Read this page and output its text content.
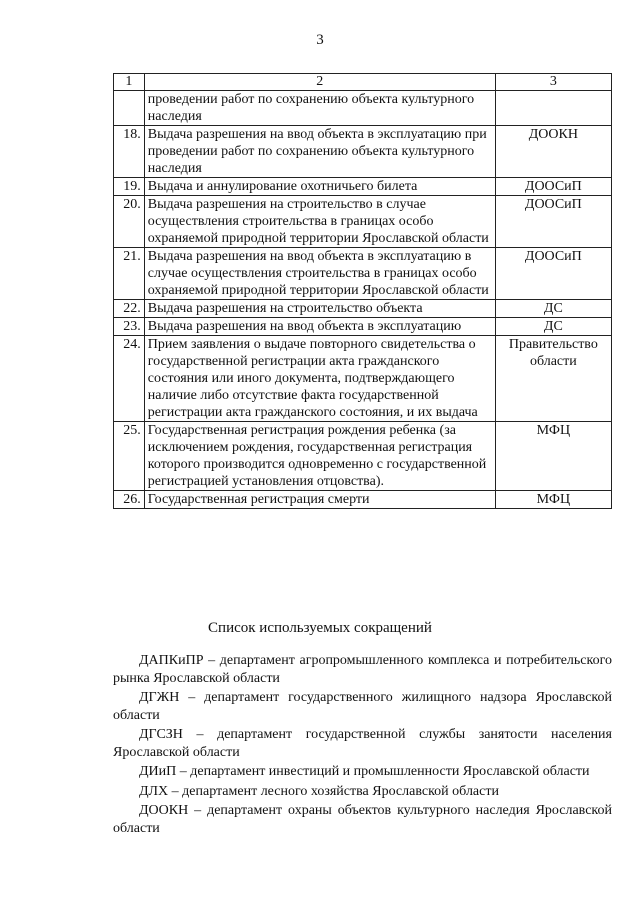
3
1	2	3
	проведении работ по сохранению объекта культурного наследия	
18.	Выдача разрешения на ввод объекта в эксплуатацию при проведении работ по сохранению объекта культурного наследия	ДООКН
19.	Выдача и аннулирование охотничьего билета	ДООСиП
20.	Выдача разрешения на строительство в случае осуществления строительства в границах особо охраняемой природной территории Ярославской области	ДООСиП
21.	Выдача разрешения на ввод объекта в эксплуатацию в случае осуществления строительства в границах особо охраняемой природной территории Ярославской области	ДООСиП
22.	Выдача разрешения на строительство объекта	ДС
23.	Выдача разрешения на ввод объекта в эксплуатацию	ДС
24.	Прием заявления о выдаче повторного свидетельства о государственной регистрации акта гражданского состояния или иного документа, подтверждающего наличие либо отсутствие факта государственной регистрации акта гражданского состояния, и их выдача	Правительство области
25.	Государственная регистрация рождения ребенка (за исключением рождения, государственная регистрация которого производится одновременно с государственной регистрацией установления отцовства).	МФЦ
26.	Государственная регистрация смерти	МФЦ
Список используемых сокращений
ДАПКиПР – департамент агропромышленного комплекса и потребительского рынка Ярославской области
ДГЖН – департамент государственного жилищного надзора Ярославской области
ДГСЗН – департамент государственной службы занятости населения Ярославской области
ДИиП – департамент инвестиций и промышленности Ярославской области
ДЛХ – департамент лесного хозяйства Ярославской области
ДООКН – департамент охраны объектов культурного наследия Ярославской области
